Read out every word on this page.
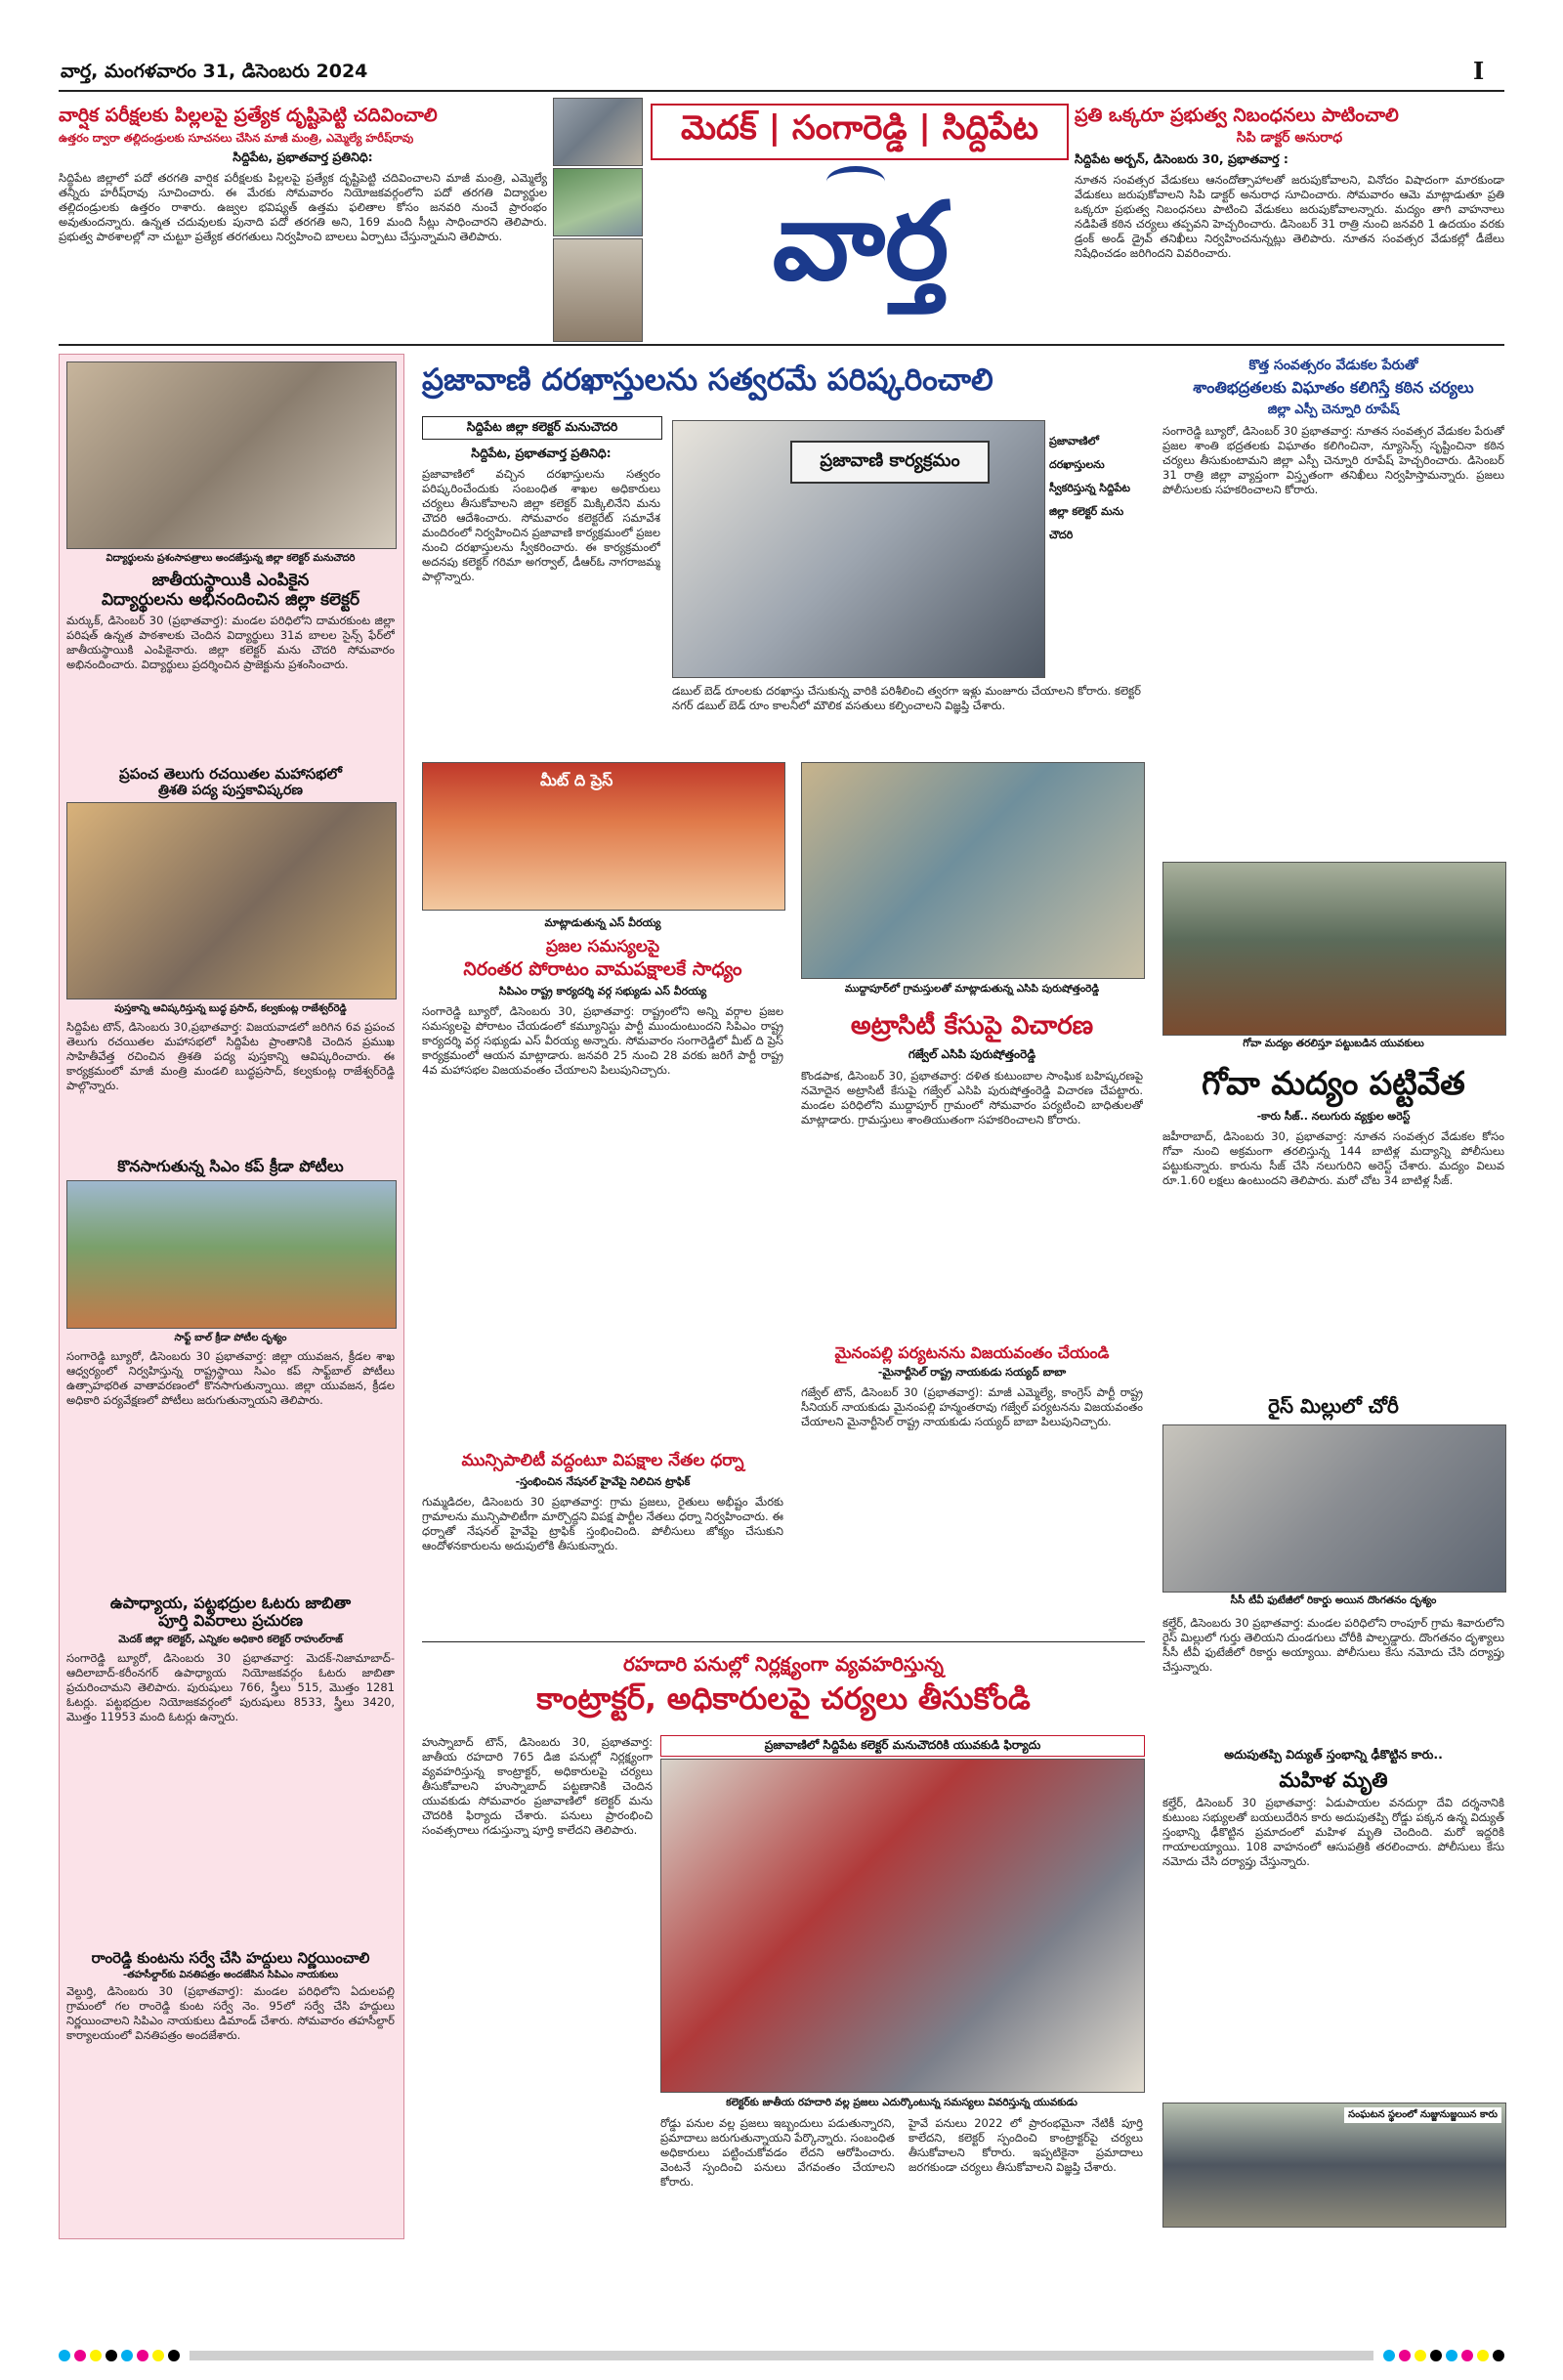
వార్త, మంగళవారం 31, డిసెంబరు 2024	I
వార్షిక పరీక్షలకు పిల్లలపై ప్రత్యేక దృష్టిపెట్టి చదివించాలి
ఉత్తరం ద్వారా తల్లిదండ్రులకు సూచనలు చేసిన మాజీ మంత్రి, ఎమ్మెల్యే హరీష్‌రావు
సిద్దిపేట, ప్రభాతవార్త ప్రతినిధి:
సిద్దిపేట జిల్లాలో పదో తరగతి వార్షిక పరీక్షలకు పిల్లలపై ప్రత్యేక దృష్టిపెట్టి చదివించాలని మాజీ మంత్రి, ఎమ్మెల్యే తన్నీరు హరీష్‌రావు సూచించారు. ఈ మేరకు సోమవారం నియోజకవర్గంలోని పదో తరగతి విద్యార్థుల తల్లిదండ్రులకు ఉత్తరం రాశారు. ఉజ్వల భవిష్యత్ ఉత్తమ ఫలితాల కోసం జనవరి నుంచే ప్రారంభం అవుతుందన్నారు. ఉన్నత చదువులకు పునాది పదో తరగతి అని, 169 మంది సీట్లు సాధించారని తెలిపారు. ప్రభుత్వ పాఠశాలల్లో నా చుట్టూ ప్రత్యేక తరగతులు నిర్వహించి బాలలు ఏర్పాటు చేస్తున్నామని తెలిపారు.
మెదక్ | సంగారెడ్డి | సిద్దిపేట
వార్త
ప్రతి ఒక్కరూ ప్రభుత్వ నిబంధనలు పాటించాలి
సిపి డాక్టర్ అనురాధ
సిద్దిపేట అర్బన్, డిసెంబరు 30, ప్రభాతవార్త :
నూతన సంవత్సర వేడుకలు ఆనందోత్సాహాలతో జరుపుకోవాలని, వినోదం విషాదంగా మారకుండా వేడుకలు జరుపుకోవాలని సిపి డాక్టర్ అనురాధ సూచించారు. సోమవారం ఆమె మాట్లాడుతూ ప్రతి ఒక్కరూ ప్రభుత్వ నిబంధనలు పాటించి వేడుకలు జరుపుకోవాలన్నారు. మద్యం తాగి వాహనాలు నడిపితే కఠిన చర్యలు తప్పవని హెచ్చరించారు. డిసెంబర్ 31 రాత్రి నుంచి జనవరి 1 ఉదయం వరకు డ్రంక్ అండ్ డ్రైవ్ తనిఖీలు నిర్వహించనున్నట్లు తెలిపారు. నూతన సంవత్సర వేడుకల్లో డీజేలు నిషేధించడం జరిగిందని వివరించారు.
విద్యార్థులను ప్రశంసాపత్రాలు అందజేస్తున్న జిల్లా కలెక్టర్ మనుచౌదరి
జాతీయస్థాయికి ఎంపికైన
విద్యార్థులను అభినందించిన జిల్లా కలెక్టర్
మర్కుక్, డిసెంబర్ 30 (ప్రభాతవార్త): మండల పరిధిలోని దామరకుంట జిల్లా పరిషత్ ఉన్నత పాఠశాలకు చెందిన విద్యార్థులు 31వ బాలల సైన్స్ ఫేర్‌లో జాతీయస్థాయికి ఎంపికైనారు. జిల్లా కలెక్టర్ మను చౌదరి సోమవారం అభినందించారు. విద్యార్థులు ప్రదర్శించిన ప్రాజెక్టును ప్రశంసించారు.
ప్రపంచ తెలుగు రచయితల మహాసభలో
త్రిశతి పద్య పుస్తకావిష్కరణ
పుస్తకాన్ని ఆవిష్కరిస్తున్న బుద్ధ ప్రసాద్, కల్వకుంట్ల రాజేశ్వర్‌రెడ్డి
సిద్దిపేట టౌన్, డిసెంబరు 30,ప్రభాతవార్త: విజయవాడలో జరిగిన 6వ ప్రపంచ తెలుగు రచయితల మహాసభలో సిద్దిపేట ప్రాంతానికి చెందిన ప్రముఖ సాహితీవేత్త రచించిన త్రిశతి పద్య పుస్తకాన్ని ఆవిష్కరించారు. ఈ కార్యక్రమంలో మాజీ మంత్రి మండలి బుద్ధప్రసాద్, కల్వకుంట్ల రాజేశ్వర్‌రెడ్డి పాల్గొన్నారు.
కొనసాగుతున్న సిఎం కప్ క్రీడా పోటీలు
సాఫ్ట్ బాల్ క్రీడా పోటీల దృశ్యం
సంగారెడ్డి బ్యూరో, డిసెంబరు 30 ప్రభాతవార్త: జిల్లా యువజన, క్రీడల శాఖ ఆధ్వర్యంలో నిర్వహిస్తున్న రాష్ట్రస్థాయి సిఎం కప్ సాఫ్ట్‌బాల్ పోటీలు ఉత్సాహభరిత వాతావరణంలో కొనసాగుతున్నాయి. జిల్లా యువజన, క్రీడల అధికారి పర్యవేక్షణలో పోటీలు జరుగుతున్నాయని తెలిపారు.
ఉపాధ్యాయ, పట్టభద్రుల ఓటరు జాబితా
పూర్తి వివరాలు ప్రచురణ
మెదక్ జిల్లా కలెక్టర్, ఎన్నికల అధికారి కలెక్టర్ రాహుల్‌రాజ్
సంగారెడ్డి బ్యూరో, డిసెంబరు 30 ప్రభాతవార్త: మెదక్-నిజామాబాద్-ఆదిలాబాద్-కరీంనగర్ ఉపాధ్యాయ నియోజకవర్గం ఓటరు జాబితా ప్రచురించామని తెలిపారు. పురుషులు 766, స్త్రీలు 515, మొత్తం 1281 ఓటర్లు. పట్టభద్రుల నియోజకవర్గంలో పురుషులు 8533, స్త్రీలు 3420, మొత్తం 11953 మంది ఓటర్లు ఉన్నారు.
రాంరెడ్డి కుంటను సర్వే చేసి హద్దులు నిర్ణయించాలి
-తహసీల్దార్‌కు వినతిపత్రం అందజేసిన సిపిఎం నాయకులు
వెల్దుర్తి, డిసెంబరు 30 (ప్రభాతవార్త): మండల పరిధిలోని ఏదులపల్లి గ్రామంలో గల రాంరెడ్డి కుంట సర్వే నెం. 95లో సర్వే చేసి హద్దులు నిర్ణయించాలని సిపిఎం నాయకులు డిమాండ్ చేశారు. సోమవారం తహసీల్దార్ కార్యాలయంలో వినతిపత్రం అందజేశారు.
ప్రజావాణి దరఖాస్తులను సత్వరమే పరిష్కరించాలి
సిద్దిపేట జిల్లా కలెక్టర్ మనుచౌదరి
సిద్దిపేట, ప్రభాతవార్త ప్రతినిధి:
ప్రజావాణిలో వచ్చిన దరఖాస్తులను సత్వరం పరిష్కరించేందుకు సంబంధిత శాఖల అధికారులు చర్యలు తీసుకోవాలని జిల్లా కలెక్టర్ మిక్కిలినేని మను చౌదరి ఆదేశించారు. సోమవారం కలెక్టరేట్ సమావేశ మందిరంలో నిర్వహించిన ప్రజావాణి కార్యక్రమంలో ప్రజల నుంచి దరఖాస్తులను స్వీకరించారు. ఈ కార్యక్రమంలో అదనపు కలెక్టర్ గరిమా అగర్వాల్, డీఆర్‌ఓ నాగరాజమ్మ పాల్గొన్నారు.
ప్రజావాణి కార్యక్రమం
ప్రజావాణిలో దరఖాస్తులను స్వీకరిస్తున్న సిద్దిపేట జిల్లా కలెక్టర్ మను చౌదరి
డబుల్ బెడ్ రూంలకు దరఖాస్తు చేసుకున్న వారికి పరిశీలించి త్వరగా ఇళ్లు మంజూరు చేయాలని కోరారు. కలెక్టర్ నగర్ డబుల్ బెడ్ రూం కాలనీలో మౌలిక వసతులు కల్పించాలని విజ్ఞప్తి చేశారు.
మీట్ ది ప్రెస్
మాట్లాడుతున్న ఎస్ వీరయ్య
ప్రజల సమస్యలపై
నిరంతర పోరాటం వామపక్షాలకే సాధ్యం
సిపిఎం రాష్ట్ర కార్యదర్శి వర్గ సభ్యుడు ఎస్ వీరయ్య
సంగారెడ్డి బ్యూరో, డిసెంబరు 30, ప్రభాతవార్త: రాష్ట్రంలోని అన్ని వర్గాల ప్రజల సమస్యలపై పోరాటం చేయడంలో కమ్యూనిస్టు పార్టీ ముందుంటుందని సిపిఎం రాష్ట్ర కార్యదర్శి వర్గ సభ్యుడు ఎస్ వీరయ్య అన్నారు. సోమవారం సంగారెడ్డిలో మీట్ ది ప్రెస్ కార్యక్రమంలో ఆయన మాట్లాడారు. జనవరి 25 నుంచి 28 వరకు జరిగే పార్టీ రాష్ట్ర 4వ మహాసభల విజయవంతం చేయాలని పిలుపునిచ్చారు.
ముద్దాపూర్‌లో గ్రామస్తులతో మాట్లాడుతున్న ఎసిపి పురుషోత్తంరెడ్డి
అట్రాసిటీ కేసుపై విచారణ
గజ్వేల్ ఎసిపి పురుషోత్తంరెడ్డి
కొండపాక, డిసెంబర్ 30, ప్రభాతవార్త: దళిత కుటుంబాల సాంఘిక బహిష్కరణపై నమోదైన అట్రాసిటీ కేసుపై గజ్వేల్ ఎసిపి పురుషోత్తంరెడ్డి విచారణ చేపట్టారు. మండల పరిధిలోని ముద్దాపూర్ గ్రామంలో సోమవారం పర్యటించి బాధితులతో మాట్లాడారు. గ్రామస్తులు శాంతియుతంగా సహకరించాలని కోరారు.
మైనంపల్లి పర్యటనను విజయవంతం చేయండి
-మైనార్టీసెల్ రాష్ట్ర నాయకుడు సయ్యద్ బాబా
గజ్వేల్ టౌన్, డిసెంబర్ 30 (ప్రభాతవార్త): మాజీ ఎమ్మెల్యే, కాంగ్రెస్ పార్టీ రాష్ట్ర సీనియర్ నాయకుడు మైనంపల్లి హన్మంతరావు గజ్వేల్ పర్యటనను విజయవంతం చేయాలని మైనార్టీసెల్ రాష్ట్ర నాయకుడు సయ్యద్ బాబా పిలుపునిచ్చారు.
మున్సిపాలిటీ వద్దంటూ విపక్షాల నేతల ధర్నా
-స్తంభించిన నేషనల్ హైవేపై నిలిచిన ట్రాఫిక్
గుమ్మడిదల, డిసెంబరు 30 ప్రభాతవార్త: గ్రామ ప్రజలు, రైతులు అభీష్టం మేరకు గ్రామాలను మున్సిపాలిటీగా మార్చొద్దని విపక్ష పార్టీల నేతలు ధర్నా నిర్వహించారు. ఈ ధర్నాతో నేషనల్ హైవేపై ట్రాఫిక్ స్తంభించింది. పోలీసులు జోక్యం చేసుకుని ఆందోళనకారులను అదుపులోకి తీసుకున్నారు.
రహదారి పనుల్లో నిర్లక్ష్యంగా వ్యవహరిస్తున్న
కాంట్రాక్టర్, అధికారులపై చర్యలు తీసుకోండి
హుస్నాబాద్ టౌన్, డిసెంబరు 30, ప్రభాతవార్త: జాతీయ రహదారి 765 డిజి పనుల్లో నిర్లక్ష్యంగా వ్యవహరిస్తున్న కాంట్రాక్టర్, అధికారులపై చర్యలు తీసుకోవాలని హుస్నాబాద్ పట్టణానికి చెందిన యువకుడు సోమవారం ప్రజావాణిలో కలెక్టర్ మను చౌదరికి ఫిర్యాదు చేశారు. పనులు ప్రారంభించి సంవత్సరాలు గడుస్తున్నా పూర్తి కాలేదని తెలిపారు.
ప్రజావాణిలో సిద్దిపేట కలెక్టర్ మనుచౌదరికి యువకుడి ఫిర్యాదు
కలెక్టర్‌కు జాతీయ రహదారి వల్ల ప్రజలు ఎదుర్కొంటున్న సమస్యలు వివరిస్తున్న యువకుడు
రోడ్డు పనుల వల్ల ప్రజలు ఇబ్బందులు పడుతున్నారని, ప్రమాదాలు జరుగుతున్నాయని పేర్కొన్నారు. సంబంధిత అధికారులు పట్టించుకోవడం లేదని ఆరోపించారు. వెంటనే స్పందించి పనులు వేగవంతం చేయాలని కోరారు.
హైవే పనులు 2022 లో ప్రారంభమైనా నేటికీ పూర్తి కాలేదని, కలెక్టర్ స్పందించి కాంట్రాక్టర్‌పై చర్యలు తీసుకోవాలని కోరారు. ఇప్పటికైనా ప్రమాదాలు జరగకుండా చర్యలు తీసుకోవాలని విజ్ఞప్తి చేశారు.
కొత్త సంవత్సరం వేడుకల పేరుతో
శాంతిభద్రతలకు విఘాతం కలిగిస్తే కఠిన చర్యలు
జిల్లా ఎస్పీ చెన్నూరి రూపేష్
సంగారెడ్డి బ్యూరో, డిసెంబర్ 30 ప్రభాతవార్త: నూతన సంవత్సర వేడుకల పేరుతో ప్రజల శాంతి భద్రతలకు విఘాతం కలిగించినా, న్యూసెన్స్ సృష్టించినా కఠిన చర్యలు తీసుకుంటామని జిల్లా ఎస్పీ చెన్నూరి రూపేష్ హెచ్చరించారు. డిసెంబర్ 31 రాత్రి జిల్లా వ్యాప్తంగా విస్తృతంగా తనిఖీలు నిర్వహిస్తామన్నారు. ప్రజలు పోలీసులకు సహకరించాలని కోరారు.
గోవా మద్యం తరలిస్తూ పట్టుబడిన యువకులు
గోవా మద్యం పట్టివేత
-కారు సీజ్.. నలుగురు వ్యక్తుల అరెస్ట్
జహీరాబాద్, డిసెంబరు 30, ప్రభాతవార్త: నూతన సంవత్సర వేడుకల కోసం గోవా నుంచి అక్రమంగా తరలిస్తున్న 144 బాటిళ్ల మద్యాన్ని పోలీసులు పట్టుకున్నారు. కారును సీజ్ చేసి నలుగురిని అరెస్ట్ చేశారు. మద్యం విలువ రూ.1.60 లక్షలు ఉంటుందని తెలిపారు. మరో చోట 34 బాటిళ్ల సీజ్.
రైస్ మిల్లులో చోరీ
సీసీ టీవీ ఫుటేజీలో రికార్డు అయిన దొంగతనం దృశ్యం
కల్హేర్, డిసెంబరు 30 ప్రభాతవార్త: మండల పరిధిలోని రాంపూర్ గ్రామ శివారులోని రైస్ మిల్లులో గుర్తు తెలియని దుండగులు చోరీకి పాల్పడ్డారు. దొంగతనం దృశ్యాలు సీసీ టీవీ ఫుటేజీలో రికార్డు అయ్యాయి. పోలీసులు కేసు నమోదు చేసి దర్యాప్తు చేస్తున్నారు.
అదుపుతప్పి విద్యుత్ స్తంభాన్ని ఢీకొట్టిన కారు..
మహిళ మృతి
కల్హేర్, డిసెంబర్ 30 ప్రభాతవార్త: ఏడుపాయల వనదుర్గా దేవి దర్శనానికి కుటుంబ సభ్యులతో బయలుదేరిన కారు అదుపుతప్పి రోడ్డు పక్కన ఉన్న విద్యుత్ స్తంభాన్ని ఢీకొట్టిన ప్రమాదంలో మహిళ మృతి చెందింది. మరో ఇద్దరికి గాయాలయ్యాయి. 108 వాహనంలో ఆసుపత్రికి తరలించారు. పోలీసులు కేసు నమోదు చేసి దర్యాప్తు చేస్తున్నారు.
సంఘటన స్థలంలో నుజ్జునుజ్జయిన కారు
